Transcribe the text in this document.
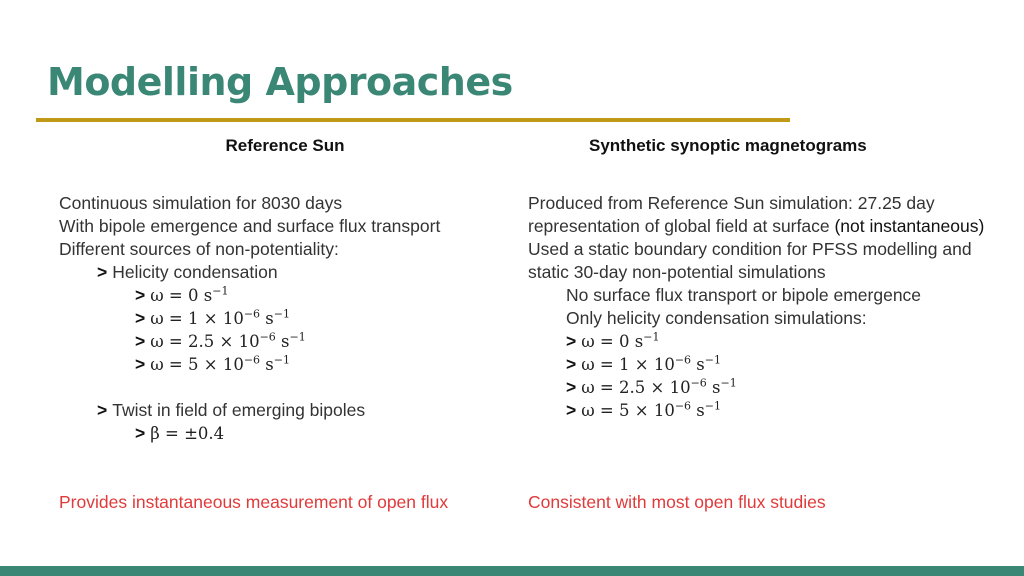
Modelling Approaches
Reference Sun
Continuous simulation for 8030 days
With bipole emergence and surface flux transport
Different sources of non-potentiality:
> Helicity condensation
> ω = 0 $s^{-1}$
> $\omega = 1 \times 10^{-6}$ $s^{-1}$
> $\omega = 2.5 \times 10^{-6}$ $s^{-1}$
> $\omega = 5 \times 10^{-6}$ $s^{-1}$
> Twist in field of emerging bipoles
> β = ±0.4
Provides instantaneous measurement of open flux
Synthetic synoptic magnetograms
Produced from Reference Sun simulation: 27.25 day representation of global field at surface (not instantaneous)
Used a static boundary condition for PFSS modelling and static 30-day non-potential simulations
No surface flux transport or bipole emergence
Only helicity condensation simulations:
> ω = 0 $s^{-1}$
> $\omega = 1 \times 10^{-6}$ $s^{-1}$
> $\omega = 2.5 \times 10^{-6}$ $s^{-1}$
> $\omega = 5 \times 10^{-6}$ $s^{-1}$
Consistent with most open flux studies
